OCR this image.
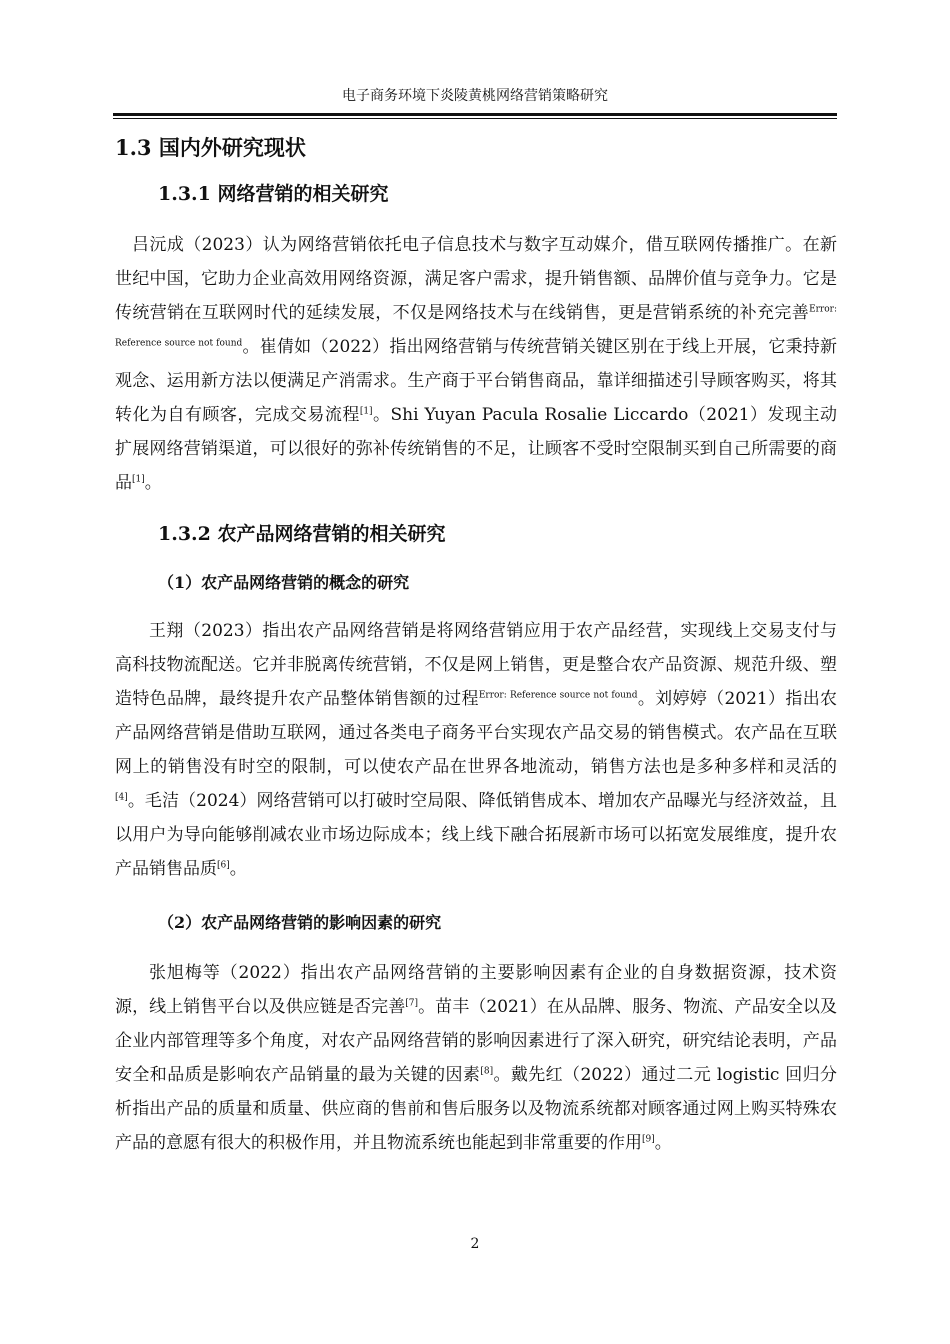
电子商务环境下炎陵黄桃网络营销策略研究
1.3 国内外研究现状
1.3.1 网络营销的相关研究

吕沅成（2023）认为网络营销依托电子信息技术与数字互动媒介，借互联网传播推广。在新世纪中国，它助力企业高效用网络资源，满足客户需求，提升销售额、品牌价值与竞争力。它是传统营销在互联网时代的延续发展，不仅是网络技术与在线销售，更是营销系统的补充完善$^{Error: Reference source not found}$。崔倩如（2022）指出网络营销与传统营销关键区别在于线上开展，它秉持新观念、运用新方法以便满足产消需求。生产商于平台销售商品，靠详细描述引导顾客购买，将其转化为自有顾客，完成交易流程[1]。Shi Yuyan Pacula Rosalie Liccardo（2021）发现主动扩展网络营销渠道，可以很好的弥补传统销售的不足，让顾客不受时空限制买到自己所需要的商品[1]。

1.3.2 农产品网络营销的相关研究
（1）农产品网络营销的概念的研究

王翔（2023）指出农产品网络营销是将网络营销应用于农产品经营，实现线上交易支付与高科技物流配送。它并非脱离传统营销，不仅是网上销售，更是整合农产品资源、规范升级、塑造特色品牌，最终提升农产品整体销售额的过程$^{Error: Reference source not found}$。刘婷婷（2021）指出农产品网络营销是借助互联网，通过各类电子商务平台实现农产品交易的销售模式。农产品在互联网上的销售没有时空的限制，可以使农产品在世界各地流动，销售方法也是多种多样和灵活的[4]。毛洁（2024）网络营销可以打破时空局限、降低销售成本、增加农产品曝光与经济效益，且以用户为导向能够削减农业市场边际成本；线上线下融合拓展新市场可以拓宽发展维度，提升农产品销售品质[6]。

（2）农产品网络营销的影响因素的研究

张旭梅等（2022）指出农产品网络营销的主要影响因素有企业的自身数据资源，技术资源，线上销售平台以及供应链是否完善[7]。苗丰（2021）在从品牌、服务、物流、产品安全以及企业内部管理等多个角度，对农产品网络营销的影响因素进行了深入研究，研究结论表明，产品安全和品质是影响农产品销量的最为关键的因素[8]。戴先红（2022）通过二元 logistic 回归分析指出产品的质量和质量、供应商的售前和售后服务以及物流系统都对顾客通过网上购买特殊农产品的意愿有很大的积极作用，并且物流系统也能起到非常重要的作用[9]。

2
